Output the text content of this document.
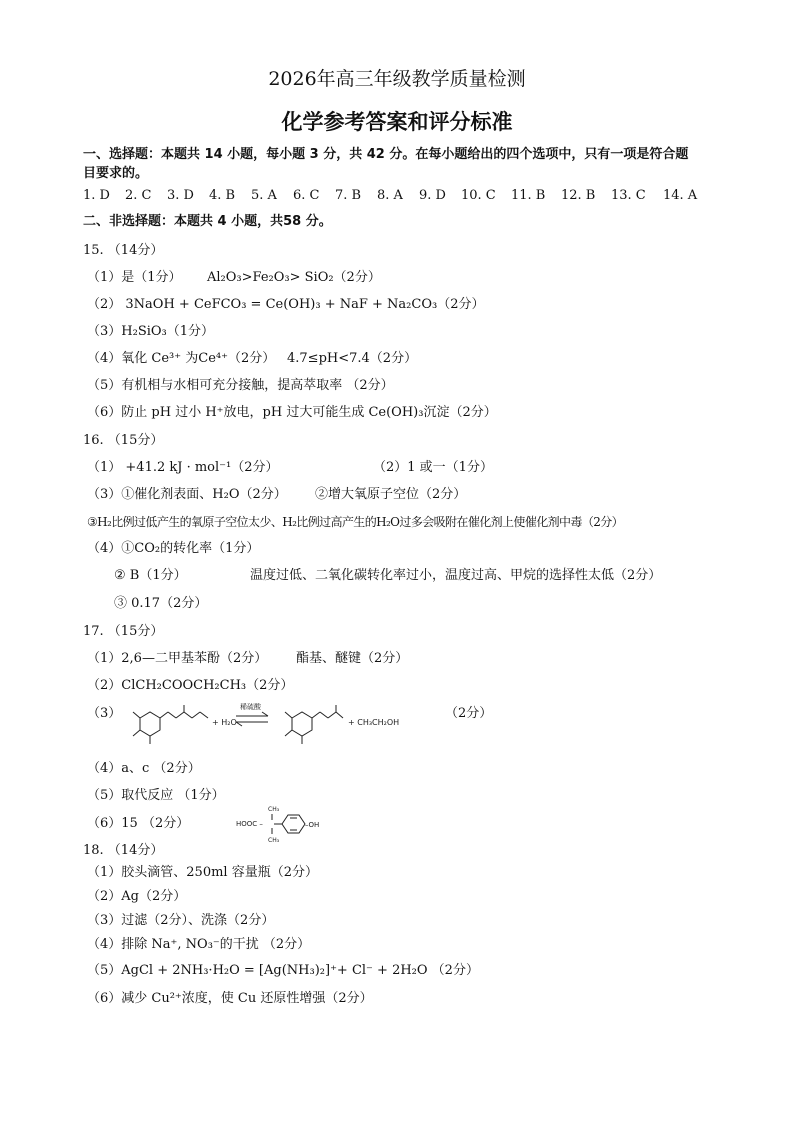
2026年高三年级教学质量检测
化学参考答案和评分标准
一、选择题：本题共 14 小题，每小题 3 分，共 42 分。在每小题给出的四个选项中，只有一项是符合题
目要求的。
1. D 2. C 3. D 4. B 5. A 6. C 7. B 8. A 9. D 10. C 11. B 12. B 13. C 14. A
二、非选择题：本题共 4 小题，共58 分。
15. （14分）
（1）是（1分） Al₂O₃>Fe₂O₃> SiO₂（2分）
（2） 3NaOH + CeFCO₃ = Ce(OH)₃ + NaF + Na₂CO₃（2分）
（3）H₂SiO₃（1分）
（4）氧化 Ce³⁺ 为Ce⁴⁺（2分） 4.7≤pH<7.4（2分）
（5）有机相与水相可充分接触，提高萃取率 （2分）
（6）防止 pH 过小 H⁺放电，pH 过大可能生成 Ce(OH)₃沉淀（2分）
16. （15分）
（1） +41.2 kJ · mol⁻¹（2分）	（2）1 或一（1分）
（3）①催化剂表面、H₂O（2分） ②增大氧原子空位（2分）
③H₂比例过低产生的氧原子空位太少、H₂比例过高产生的H₂O过多会吸附在催化剂上使催化剂中毒（2分）
（4）①CO₂的转化率（1分）
② B（1分）	温度过低、二氧化碳转化率过小，温度过高、甲烷的选择性太低（2分）
③ 0.17（2分）
17. （15分）
（1）2,6—二甲基苯酚（2分） 酯基、醚键（2分）
（2）ClCH₂COOCH₂CH₃（2分）
（3）	（2分）
+ H₂O
稀硫酸
+ CH₃CH₂OH
（4）a、c （2分）
（5）取代反应 （1分）
（6）15 （2分）	HOOC –
CH₃
CH₃
–OH
18. （14分）
（1）胶头滴管、250ml 容量瓶（2分）
（2）Ag（2分）
（3）过滤（2分）、洗涤（2分）
（4）排除 Na⁺, NO₃⁻的干扰 （2分）
（5）AgCl + 2NH₃·H₂O = [Ag(NH₃)₂]⁺+ Cl⁻ + 2H₂O （2分）
（6）减少 Cu²⁺浓度，使 Cu 还原性增强（2分）
